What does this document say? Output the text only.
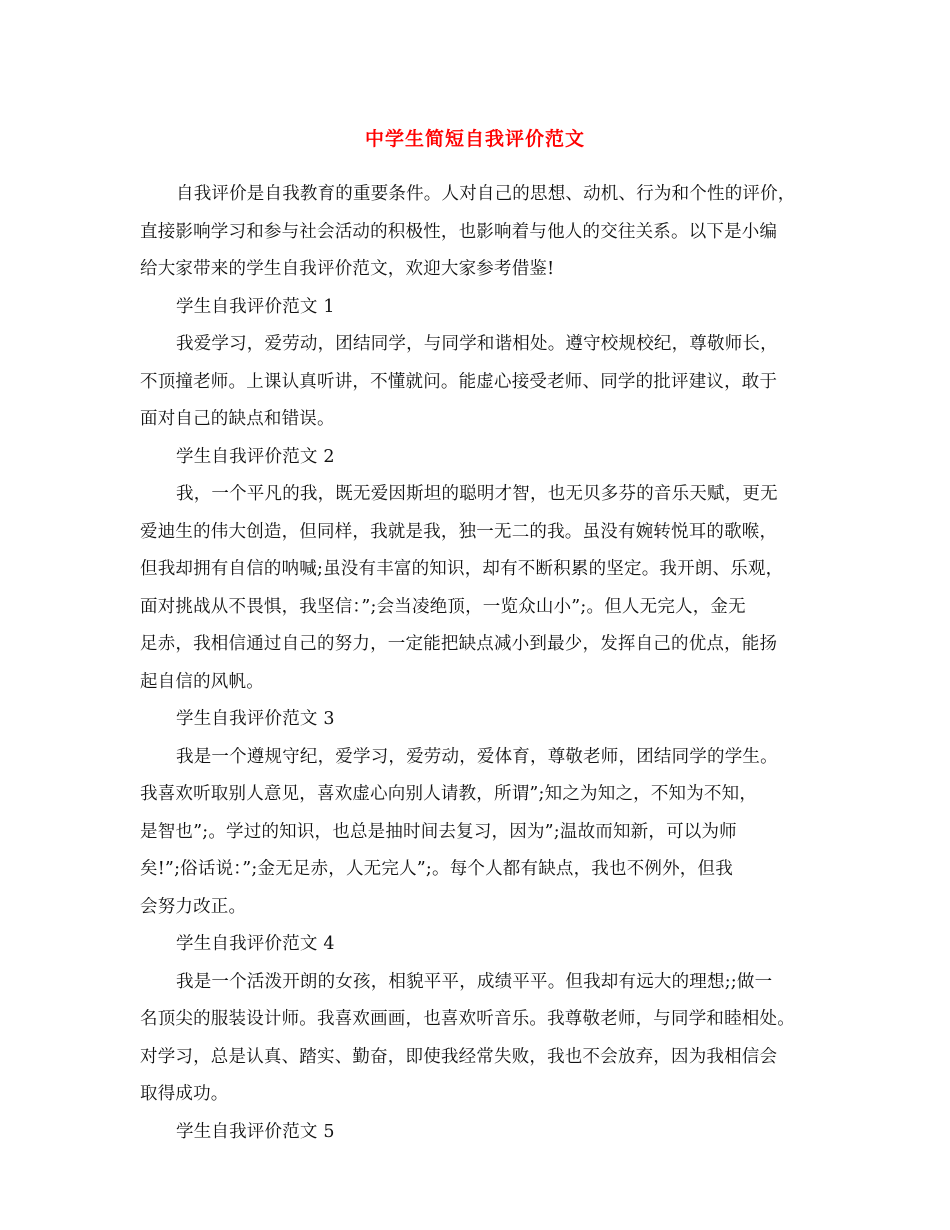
中学生简短自我评价范文
自我评价是自我教育的重要条件。人对自己的思想、动机、行为和个性的评价，
直接影响学习和参与社会活动的积极性，也影响着与他人的交往关系。以下是小编
给大家带来的学生自我评价范文，欢迎大家参考借鉴!
学生自我评价范文 1
我爱学习，爱劳动，团结同学，与同学和谐相处。遵守校规校纪，尊敬师长，
不顶撞老师。上课认真听讲，不懂就问。能虚心接受老师、同学的批评建议，敢于
面对自己的缺点和错误。
学生自我评价范文 2
我，一个平凡的我，既无爱因斯坦的聪明才智，也无贝多芬的音乐天赋，更无
爱迪生的伟大创造，但同样，我就是我，独一无二的我。虽没有婉转悦耳的歌喉，
但我却拥有自信的呐喊;虽没有丰富的知识，却有不断积累的坚定。我开朗、乐观，
面对挑战从不畏惧，我坚信：”;会当凌绝顶，一览众山小”;。但人无完人，金无
足赤，我相信通过自己的努力，一定能把缺点减小到最少，发挥自己的优点，能扬
起自信的风帆。
学生自我评价范文 3
我是一个遵规守纪，爱学习，爱劳动，爱体育，尊敬老师，团结同学的学生。
我喜欢听取别人意见，喜欢虚心向别人请教，所谓”;知之为知之，不知为不知，
是智也”;。学过的知识，也总是抽时间去复习，因为”;温故而知新，可以为师
矣!”;俗话说：”;金无足赤，人无完人”;。每个人都有缺点，我也不例外，但我
会努力改正。
学生自我评价范文 4
我是一个活泼开朗的女孩，相貌平平，成绩平平。但我却有远大的理想;;做一
名顶尖的服装设计师。我喜欢画画，也喜欢听音乐。我尊敬老师，与同学和睦相处。
对学习，总是认真、踏实、勤奋，即使我经常失败，我也不会放弃，因为我相信会
取得成功。
学生自我评价范文 5
